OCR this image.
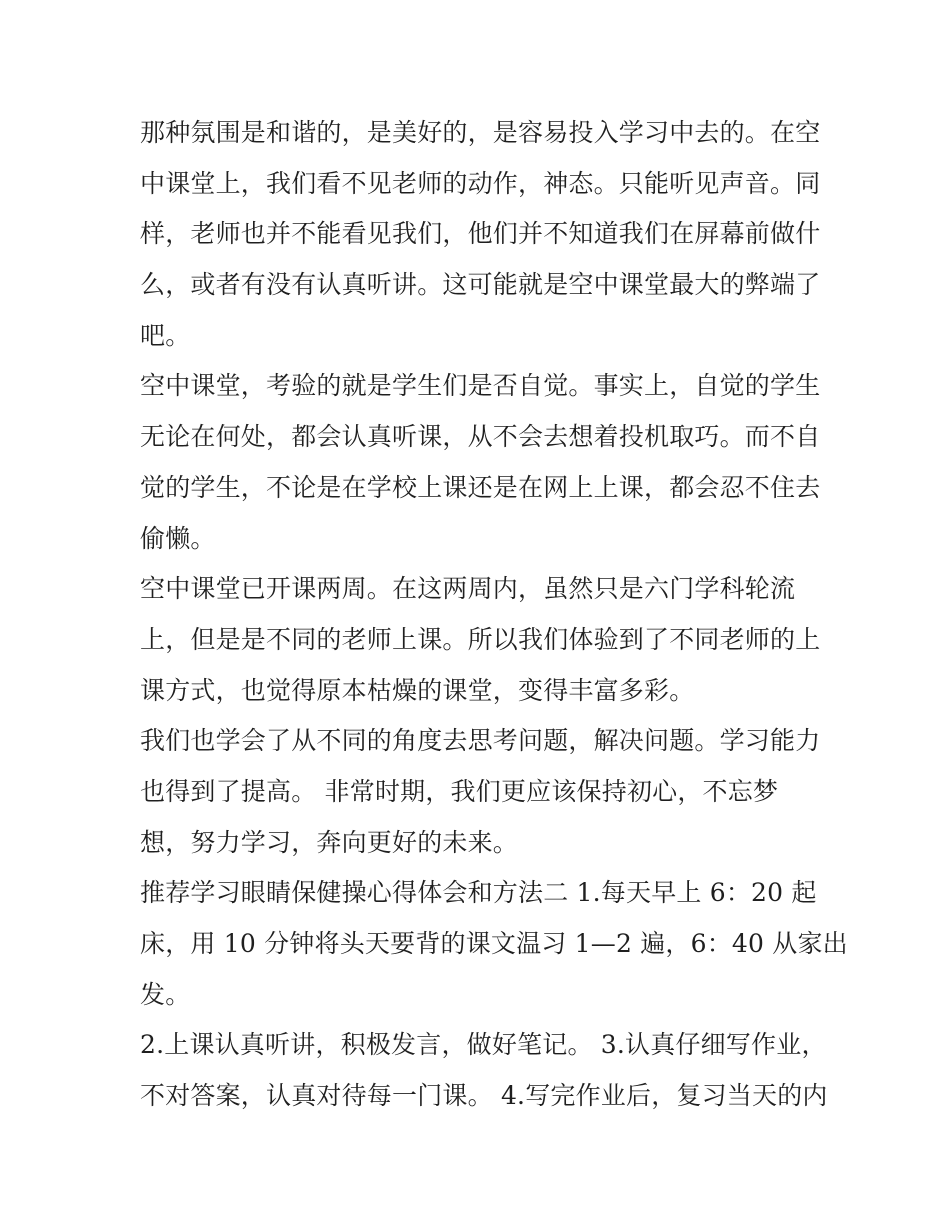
那种氛围是和谐的，是美好的，是容易投入学习中去的。在空
中课堂上，我们看不见老师的动作，神态。只能听见声音。同
样，老师也并不能看见我们，他们并不知道我们在屏幕前做什
么，或者有没有认真听讲。这可能就是空中课堂最大的弊端了
吧。
空中课堂，考验的就是学生们是否自觉。事实上，自觉的学生
无论在何处，都会认真听课，从不会去想着投机取巧。而不自
觉的学生，不论是在学校上课还是在网上上课，都会忍不住去
偷懒。
空中课堂已开课两周。在这两周内，虽然只是六门学科轮流
上，但是是不同的老师上课。所以我们体验到了不同老师的上
课方式，也觉得原本枯燥的课堂，变得丰富多彩。
我们也学会了从不同的角度去思考问题，解决问题。学习能力
也得到了提高。 非常时期，我们更应该保持初心，不忘梦
想，努力学习，奔向更好的未来。
推荐学习眼睛保健操心得体会和方法二 1.每天早上 6：20 起
床，用 10 分钟将头天要背的课文温习 1—2 遍，6：40 从家出
发。
2.上课认真听讲，积极发言，做好笔记。 3.认真仔细写作业，
不对答案，认真对待每一门课。 4.写完作业后，复习当天的内
